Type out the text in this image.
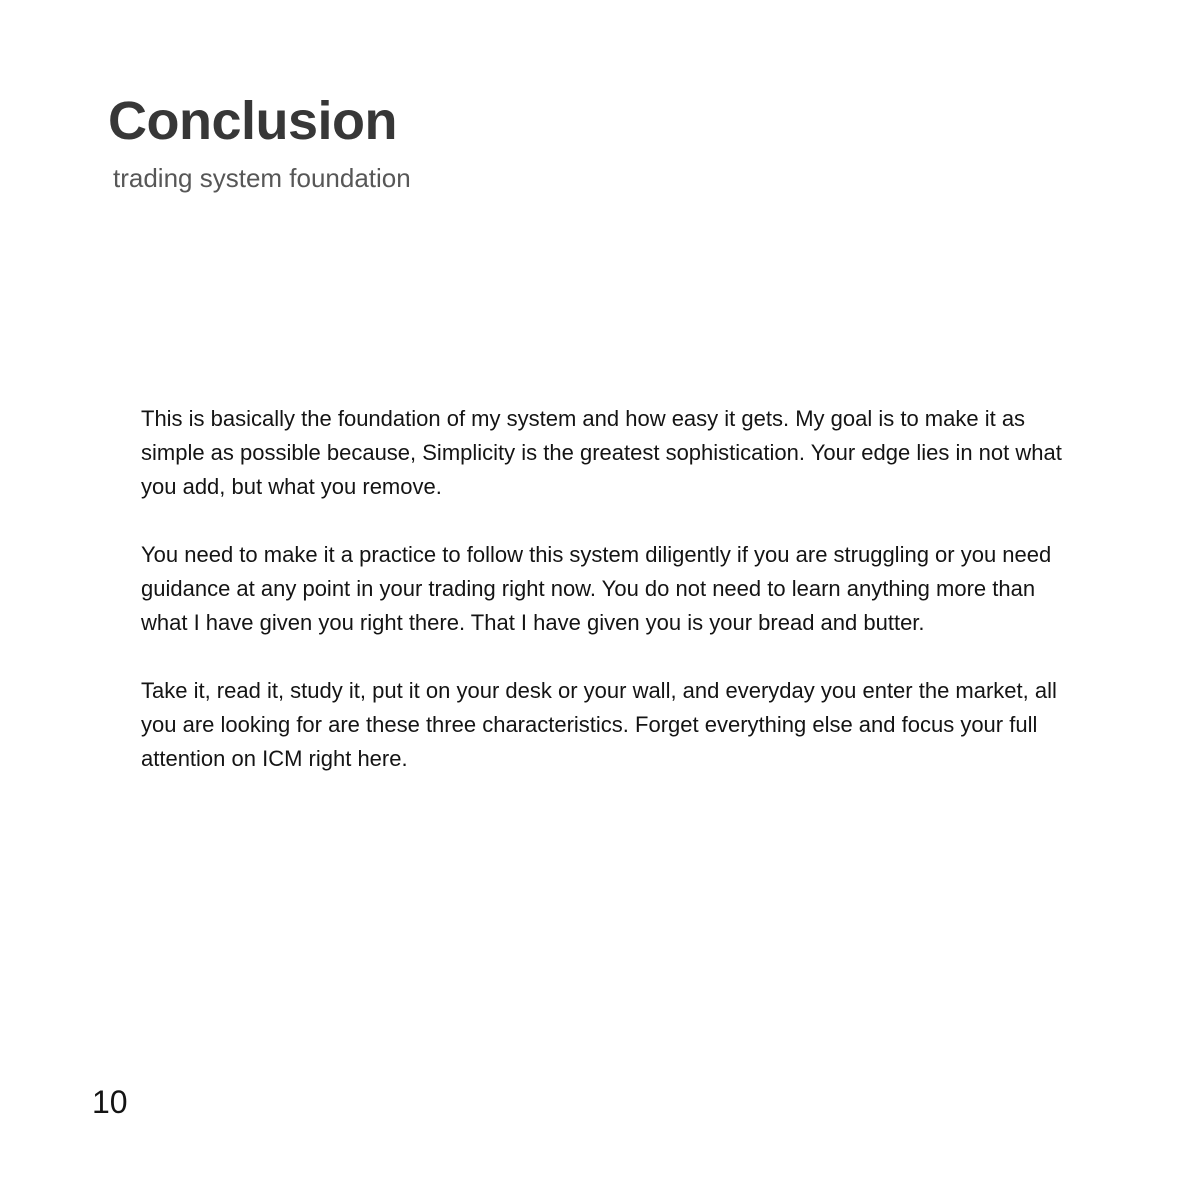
Conclusion
trading system foundation

This is basically the foundation of my system and how easy it gets. My goal is to make it as simple as possible because, Simplicity is the greatest sophistication. Your edge lies in not what you add, but what you remove.

You need to make it a practice to follow this system diligently if you are struggling or you need guidance at any point in your trading right now. You do not need to learn anything more than what I have given you right there. That I have given you is your bread and butter.

Take it, read it, study it, put it on your desk or your wall, and everyday you enter the market, all you are looking for are these three characteristics. Forget everything else and focus your full attention on ICM right here.

10
